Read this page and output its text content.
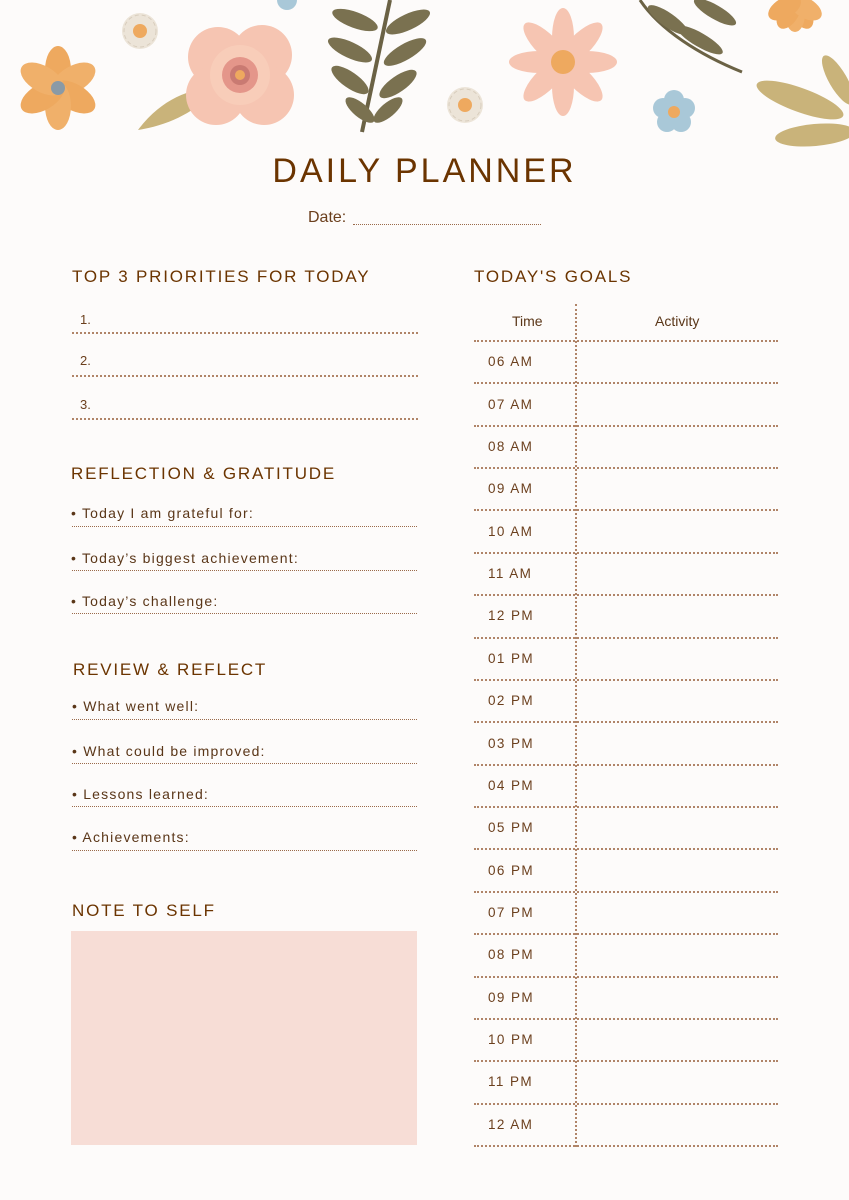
DAILY PLANNER
Date:
TOP 3 PRIORITIES FOR TODAY
1.
2.
3.
REFLECTION & GRATITUDE
• Today I am grateful for:
• Today’s biggest achievement:
• Today’s challenge:
REVIEW & REFLECT
• What went well:
• What could be improved:
• Lessons learned:
• Achievements:
NOTE TO SELF
TODAY'S GOALS
Time	Activity
06 AM
07 AM
08 AM
09 AM
10 AM
11 AM
12 PM
01 PM
02 PM
03 PM
04 PM
05 PM
06 PM
07 PM
08 PM
09 PM
10 PM
11 PM
12 AM
